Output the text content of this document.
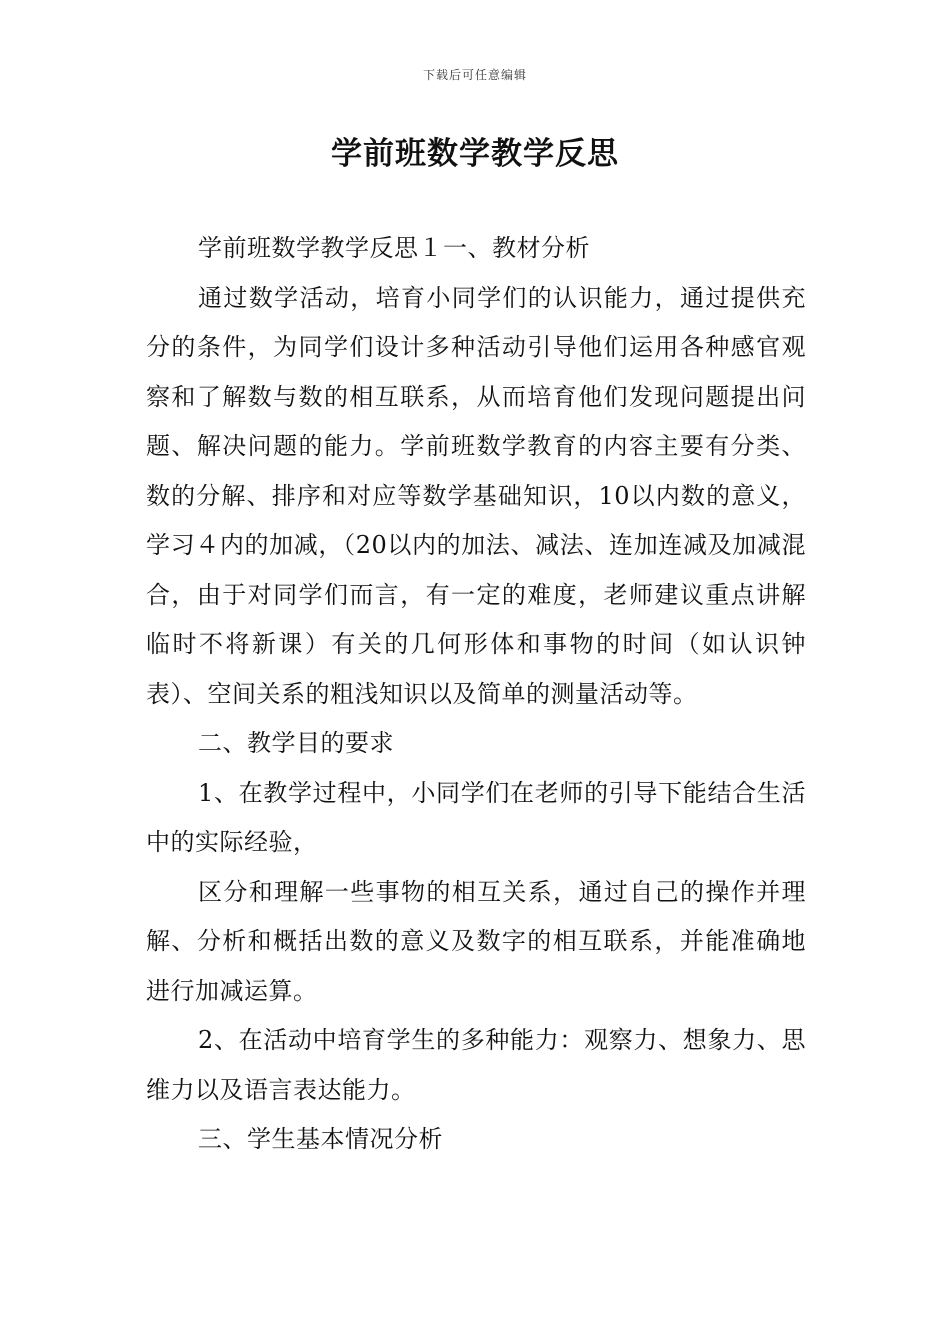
下载后可任意编辑
学前班数学教学反思

学前班数学教学反思１一、教材分析

通过数学活动，培育小同学们的认识能力，通过提供充分的条件，为同学们设计多种活动引导他们运用各种感官观察和了解数与数的相互联系，从而培育他们发现问题提出问题、解决问题的能力。学前班数学教育的内容主要有分类、数的分解、排序和对应等数学基础知识，10以内数的意义，学习４内的加减，（20以内的加法、减法、连加连减及加减混合，由于对同学们而言，有一定的难度，老师建议重点讲解临时不将新课）有关的几何形体和事物的时间（如认识钟表）、空间关系的粗浅知识以及简单的测量活动等。

二、教学目的要求

1、在教学过程中，小同学们在老师的引导下能结合生活中的实际经验，

区分和理解一些事物的相互关系，通过自己的操作并理解、分析和概括出数的意义及数字的相互联系，并能准确地进行加减运算。

2、在活动中培育学生的多种能力：观察力、想象力、思维力以及语言表达能力。

三、学生基本情况分析
